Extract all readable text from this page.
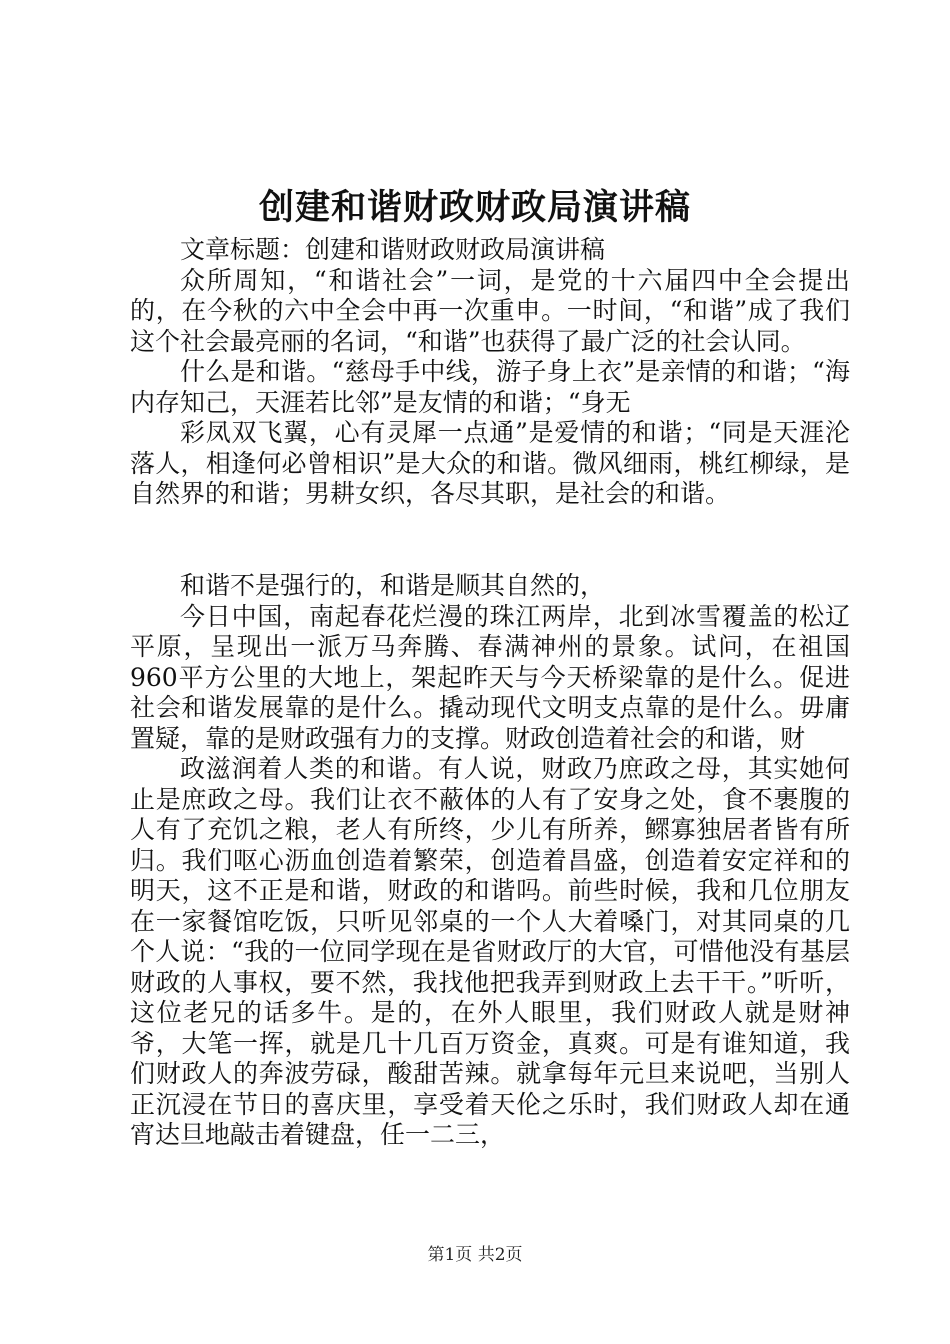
创建和谐财政财政局演讲稿

文章标题：创建和谐财政财政局演讲稿

众所周知，“和谐社会”一词，是党的十六届四中全会提出的，在今秋的六中全会中再一次重申。一时间，“和谐”成了我们这个社会最亮丽的名词，“和谐”也获得了最广泛的社会认同。

什么是和谐。“慈母手中线，游子身上衣”是亲情的和谐；“海内存知己，天涯若比邻”是友情的和谐；“身无

彩凤双飞翼，心有灵犀一点通”是爱情的和谐；“同是天涯沦落人，相逢何必曾相识”是大众的和谐。微风细雨，桃红柳绿，是自然界的和谐；男耕女织，各尽其职，是社会的和谐。

和谐不是强行的，和谐是顺其自然的，

今日中国，南起春花烂漫的珠江两岸，北到冰雪覆盖的松辽平原，呈现出一派万马奔腾、春满神州的景象。试问，在祖国960平方公里的大地上，架起昨天与今天桥梁靠的是什么。促进社会和谐发展靠的是什么。撬动现代文明支点靠的是什么。毋庸置疑，靠的是财政强有力的支撑。财政创造着社会的和谐，财

政滋润着人类的和谐。有人说，财政乃庶政之母，其实她何止是庶政之母。我们让衣不蔽体的人有了安身之处，食不裹腹的人有了充饥之粮，老人有所终，少儿有所养，鳏寡独居者皆有所归。我们呕心沥血创造着繁荣，创造着昌盛，创造着安定祥和的明天，这不正是和谐，财政的和谐吗。前些时候，我和几位朋友在一家餐馆吃饭，只听见邻桌的一个人大着嗓门，对其同桌的几个人说：“我的一位同学现在是省财政厅的大官，可惜他没有基层财政的人事权，要不然，我找他把我弄到财政上去干干。”听听，这位老兄的话多牛。是的，在外人眼里，我们财政人就是财神爷，大笔一挥，就是几十几百万资金，真爽。可是有谁知道，我们财政人的奔波劳碌，酸甜苦辣。就拿每年元旦来说吧，当别人正沉浸在节日的喜庆里，享受着天伦之乐时，我们财政人却在通宵达旦地敲击着键盘，任一二三，

第1页 共2页
